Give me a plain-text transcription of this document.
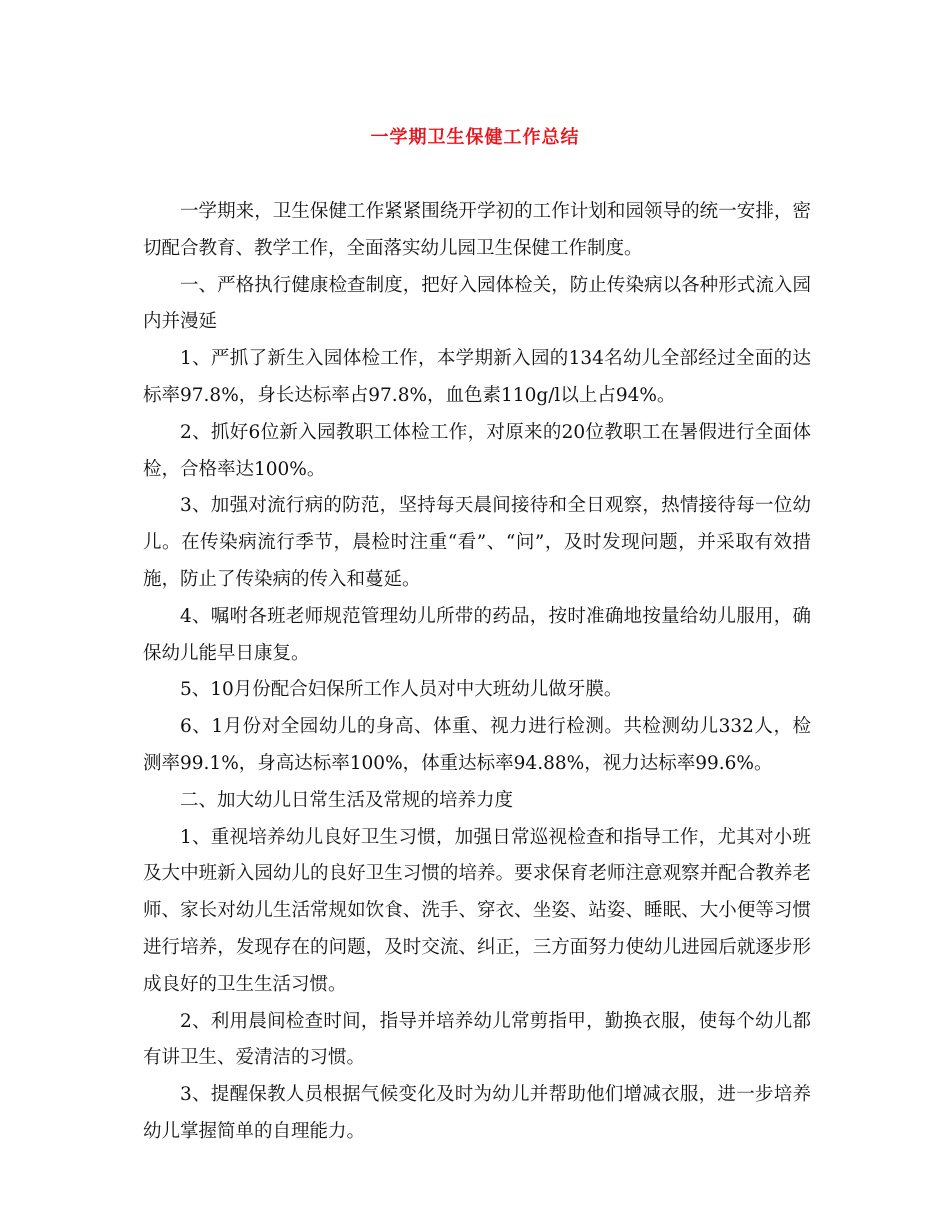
一学期卫生保健工作总结

一学期来，卫生保健工作紧紧围绕开学初的工作计划和园领导的统一安排，密切配合教育、教学工作，全面落实幼儿园卫生保健工作制度。

一、严格执行健康检查制度，把好入园体检关，防止传染病以各种形式流入园内并漫延

1、严抓了新生入园体检工作，本学期新入园的134名幼儿全部经过全面的达标率97.8%，身长达标率占97.8%，血色素110g/l以上占94%。

2、抓好6位新入园教职工体检工作，对原来的20位教职工在暑假进行全面体检，合格率达100%。

3、加强对流行病的防范，坚持每天晨间接待和全日观察，热情接待每一位幼儿。在传染病流行季节，晨检时注重“看”、“问”，及时发现问题，并采取有效措施，防止了传染病的传入和蔓延。

4、嘱咐各班老师规范管理幼儿所带的药品，按时准确地按量给幼儿服用，确保幼儿能早日康复。

5、10月份配合妇保所工作人员对中大班幼儿做牙膜。

6、1月份对全园幼儿的身高、体重、视力进行检测。共检测幼儿332人，检测率99.1%，身高达标率100%，体重达标率94.88%，视力达标率99.6%。

二、加大幼儿日常生活及常规的培养力度

1、重视培养幼儿良好卫生习惯，加强日常巡视检查和指导工作，尤其对小班及大中班新入园幼儿的良好卫生习惯的培养。要求保育老师注意观察并配合教养老师、家长对幼儿生活常规如饮食、洗手、穿衣、坐姿、站姿、睡眠、大小便等习惯进行培养，发现存在的问题，及时交流、纠正，三方面努力使幼儿进园后就逐步形成良好的卫生生活习惯。

2、利用晨间检查时间，指导并培养幼儿常剪指甲，勤换衣服，使每个幼儿都有讲卫生、爱清洁的习惯。

3、提醒保教人员根据气候变化及时为幼儿并帮助他们增减衣服，进一步培养幼儿掌握简单的自理能力。
